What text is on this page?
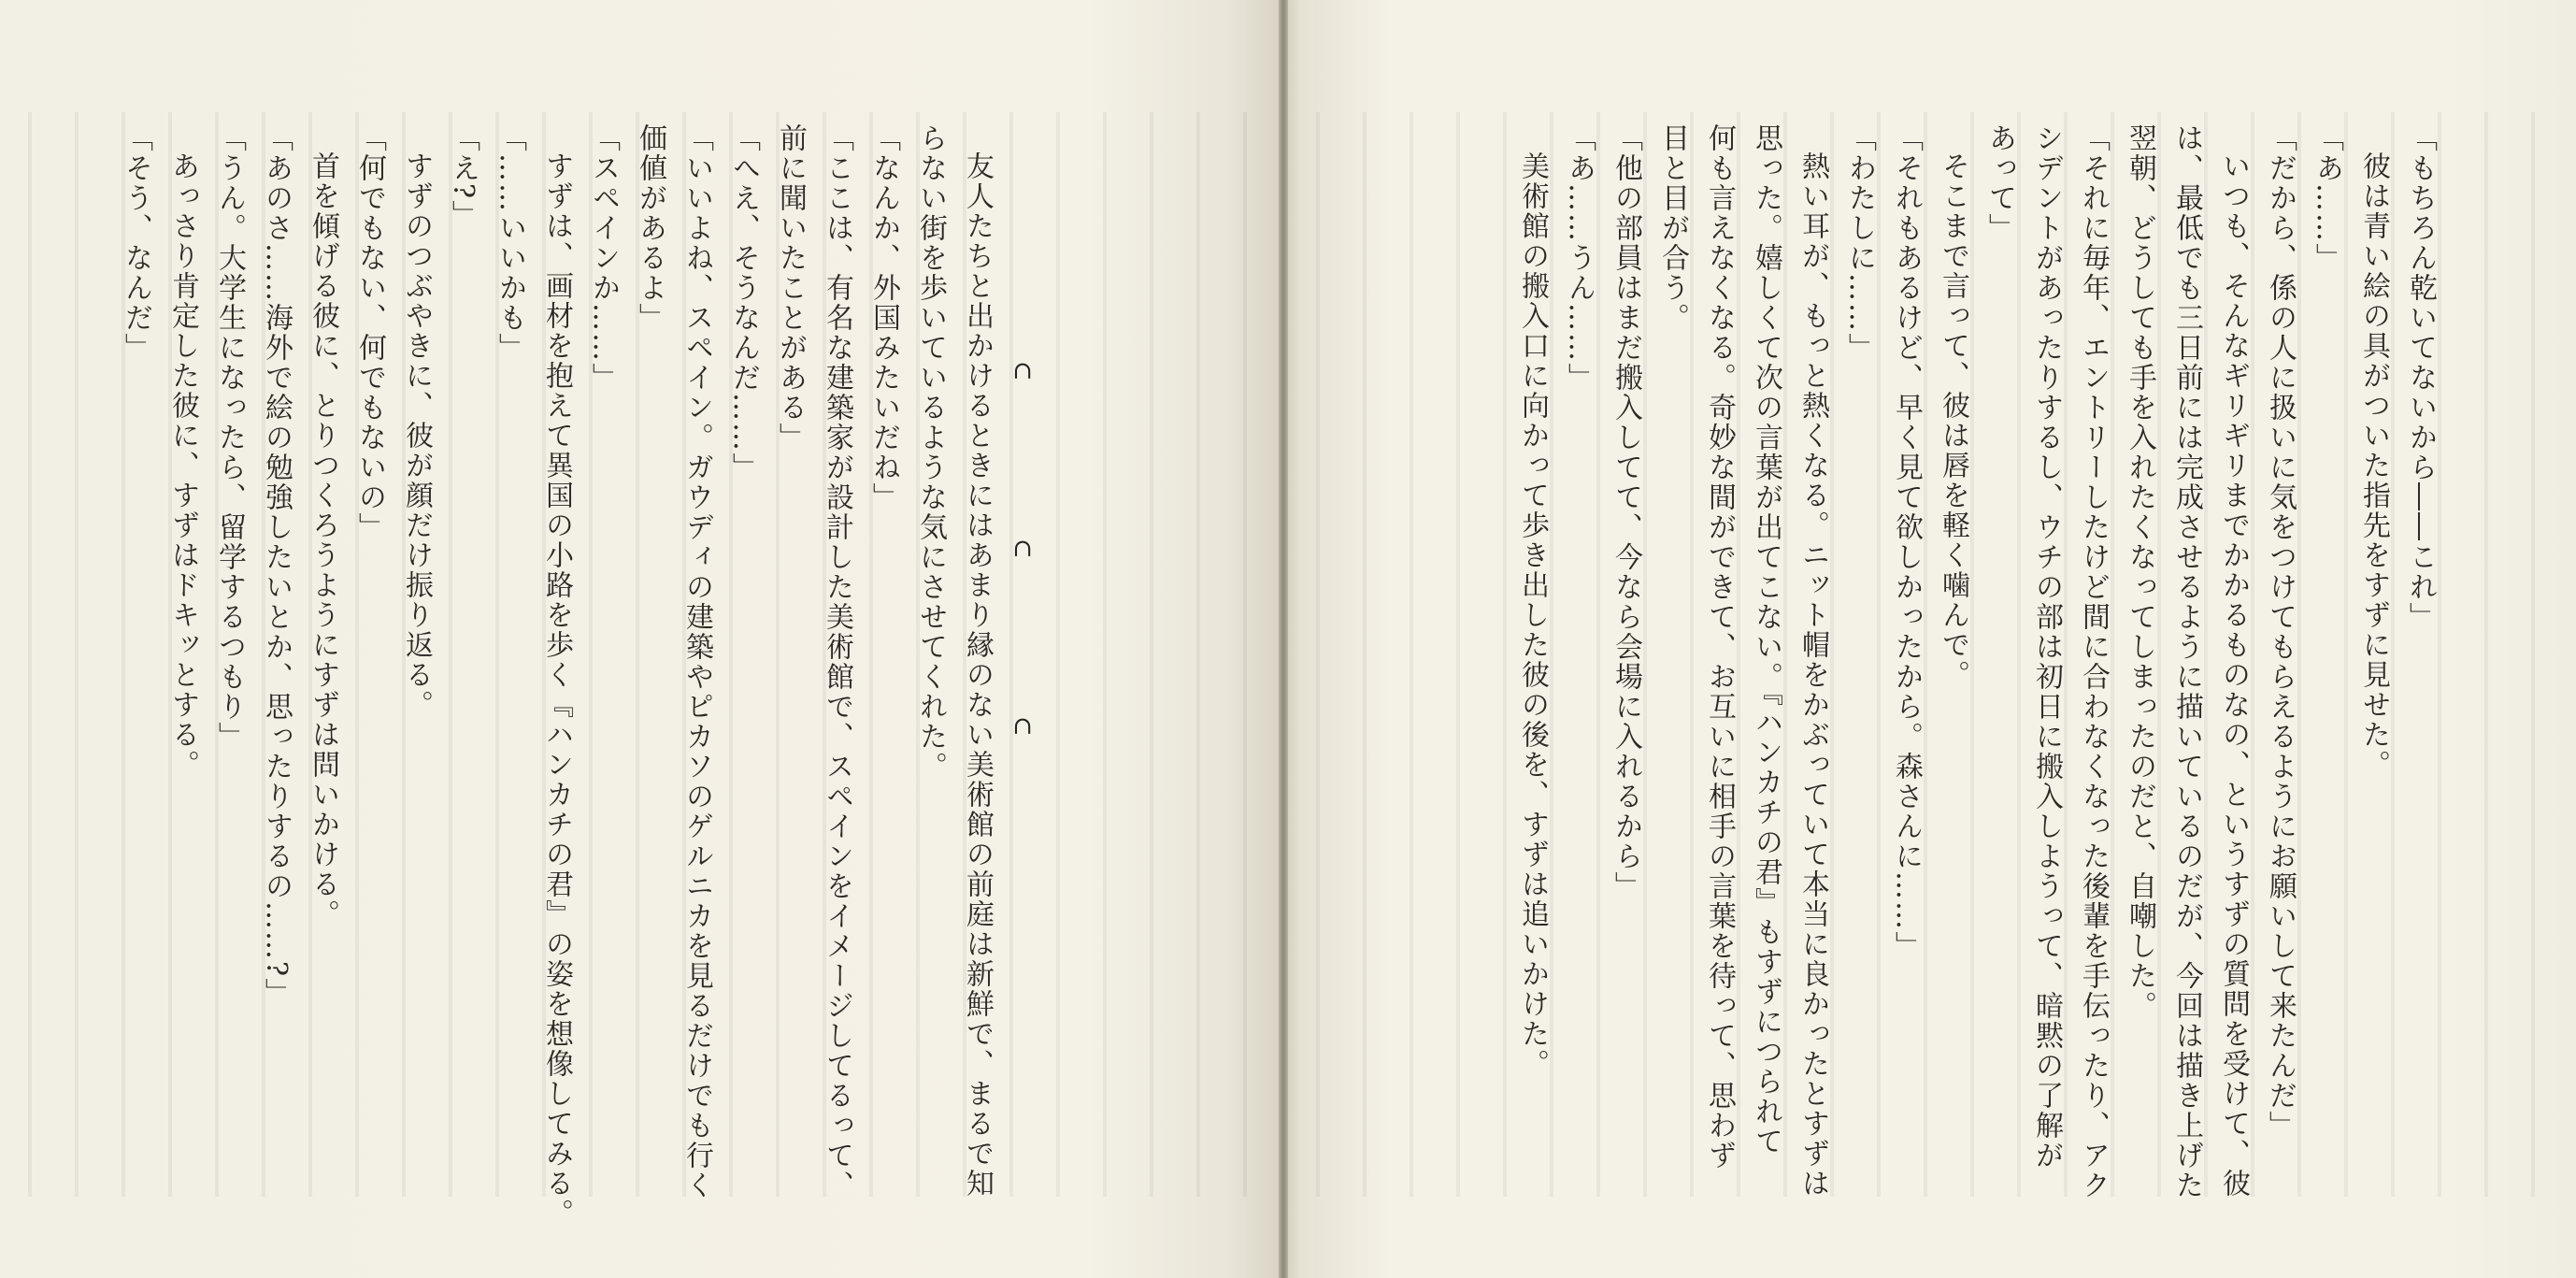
∩
∩
∩
友人たちと出かけるときにはあまり縁のない美術館の前庭は新鮮で、まるで知
らない街を歩いているような気にさせてくれた。
「なんか、外国みたいだね」
「ここは、有名な建築家が設計した美術館で、スペインをイメージしてるって、
前に聞いたことがある」
「へえ、そうなんだ……」
「いいよね、スペイン。ガウディの建築やピカソのゲルニカを見るだけでも行く
価値があるよ」
「スペインか……」
すずは、画材を抱えて異国の小路を歩く『ハンカチの君』の姿を想像してみる。
「……いいかも」
「え?」
すずのつぶやきに、彼が顔だけ振り返る。
「何でもない、何でもないの」
首を傾げる彼に、とりつくろうようにすずは問いかける。
「あのさ……海外で絵の勉強したいとか、思ったりするの……?」
「うん。大学生になったら、留学するつもり」
あっさり肯定した彼に、すずはドキッとする。
「そう、なんだ」	「もちろん乾いてないから――これ」
彼は青い絵の具がついた指先をすずに見せた。
「あ……」
「だから、係の人に扱いに気をつけてもらえるようにお願いして来たんだ」
いつも、そんなギリギリまでかかるものなの、というすずの質問を受けて、彼
は、最低でも三日前には完成させるように描いているのだが、今回は描き上げた
翌朝、どうしても手を入れたくなってしまったのだと、自嘲した。
「それに毎年、エントリーしたけど間に合わなくなった後輩を手伝ったり、アク
シデントがあったりするし、ウチの部は初日に搬入しようって、暗黙の了解が
あって」
そこまで言って、彼は唇を軽く噛んで。
「それもあるけど、早く見て欲しかったから。森さんに……」
「わたしに……」
熱い耳が、もっと熱くなる。ニット帽をかぶっていて本当に良かったとすずは
思った。嬉しくて次の言葉が出てこない。『ハンカチの君』もすずにつられて
何も言えなくなる。奇妙な間ができて、お互いに相手の言葉を待って、思わず
目と目が合う。
「他の部員はまだ搬入してて、今なら会場に入れるから」
「あ……うん……」
美術館の搬入口に向かって歩き出した彼の後を、すずは追いかけた。
